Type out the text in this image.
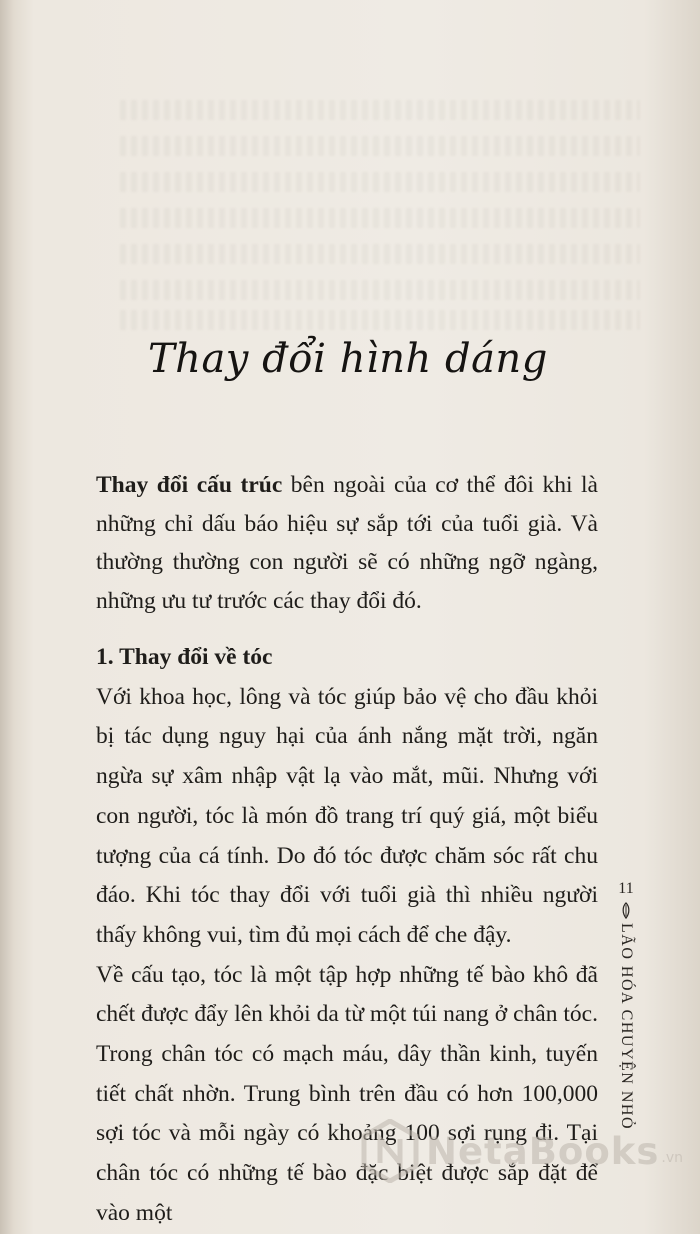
Thay đổi hình dáng

Thay đổi cấu trúc bên ngoài của cơ thể đôi khi là những chỉ dấu báo hiệu sự sắp tới của tuổi già. Và thường thường con người sẽ có những ngỡ ngàng, những ưu tư trước các thay đổi đó.

1. Thay đổi về tóc

Với khoa học, lông và tóc giúp bảo vệ cho đầu khỏi bị tác dụng nguy hại của ánh nắng mặt trời, ngăn ngừa sự xâm nhập vật lạ vào mắt, mũi. Nhưng với con người, tóc là món đồ trang trí quý giá, một biểu tượng của cá tính. Do đó tóc được chăm sóc rất chu đáo. Khi tóc thay đổi với tuổi già thì nhiều người thấy không vui, tìm đủ mọi cách để che đậy.

Về cấu tạo, tóc là một tập hợp những tế bào khô đã chết được đẩy lên khỏi da từ một túi nang ở chân tóc. Trong chân tóc có mạch máu, dây thần kinh, tuyến tiết chất nhờn. Trung bình trên đầu có hơn 100,000 sợi tóc và mỗi ngày có khoảng 100 sợi rụng đi. Tại chân tóc có những tế bào đặc biệt được sắp đặt để vào một

11
LÃO HÓA CHUYỆN NHỎ
NetaBooks .vn
